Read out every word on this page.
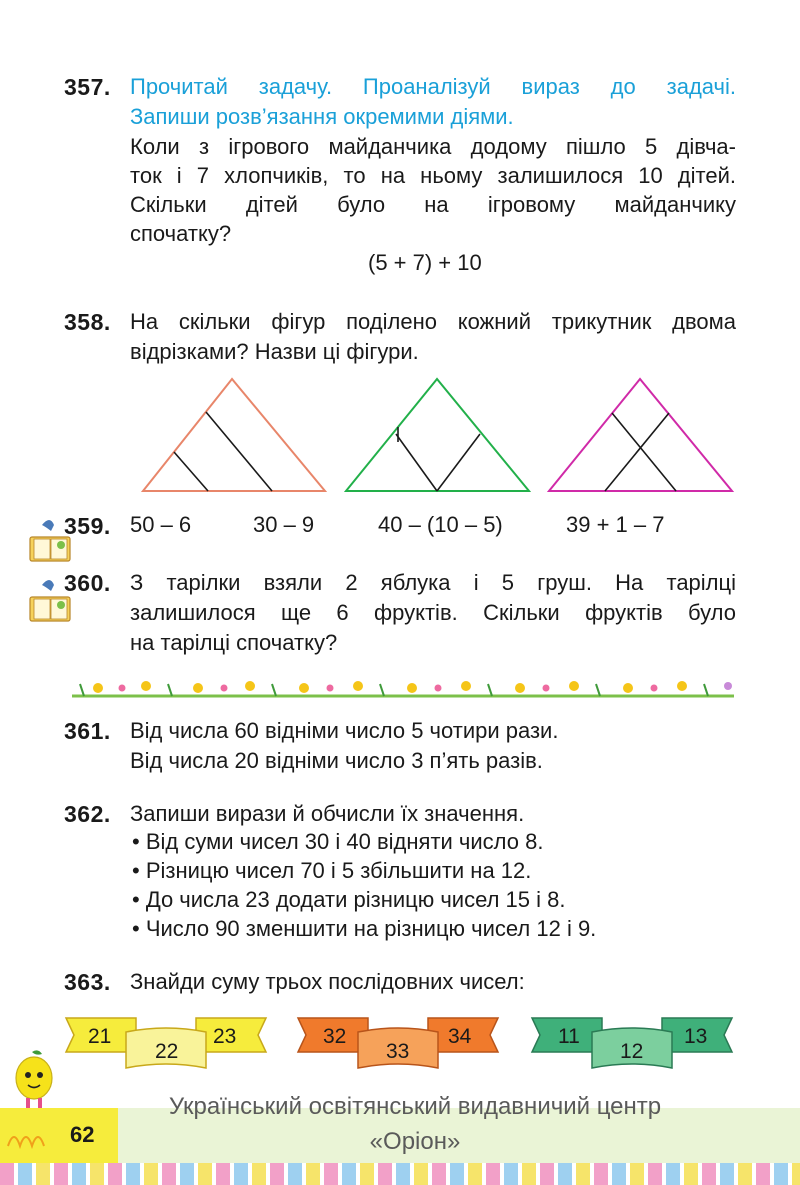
357. Прочитай задачу. Проаналізуй вираз до задачі.
Запиши розв’язання окремими діями.
Коли з ігрового майданчика додому пішло 5 дівча-
ток і 7 хлопчиків, то на ньому залишилося 10 дітей.
Скільки дітей було на ігровому майданчику
спочатку?
(5 + 7) + 10
358. На скільки фігур поділено кожний трикутник двома
відрізками? Назви ці фігури.
359. 50 – 6	30 – 9	40 – (10 – 5)	39 + 1 – 7
360. З тарілки взяли 2 яблука і 5 груш. На тарілці
залишилося ще 6 фруктів. Скільки фруктів було
на тарілці спочатку?
361. Від числа 60 відніми число 5 чотири рази.
Від числа 20 відніми число 3 п’ять разів.
362. Запиши вирази й обчисли їх значення.
• Від суми чисел 30 і 40 відняти число 8.
• Різницю чисел 70 і 5 збільшити на 12.
• До числа 23 додати різницю чисел 15 і 8.
• Число 90 зменшити на різницю чисел 12 і 9.
363. Знайди суму трьох послідовних чисел:
21
22
23	32
33
34	11
12
13
62
Український освітянський видавничий центр
«Оріон»
